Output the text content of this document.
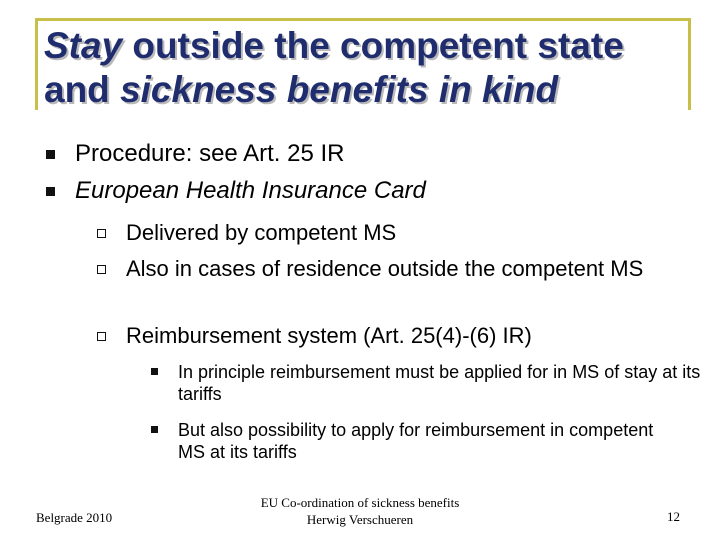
Stay outside the competent state and sickness benefits in kind
Procedure: see Art. 25 IR
European Health Insurance Card
Delivered by competent MS
Also in cases of residence outside the competent MS
Reimbursement system (Art. 25(4)-(6) IR)
In principle reimbursement must be applied for in MS of stay at its tariffs
But also possibility to apply for reimbursement in competent MS at its tariffs
Belgrade 2010
EU Co-ordination of sickness benefits
Herwig Verschueren	12
